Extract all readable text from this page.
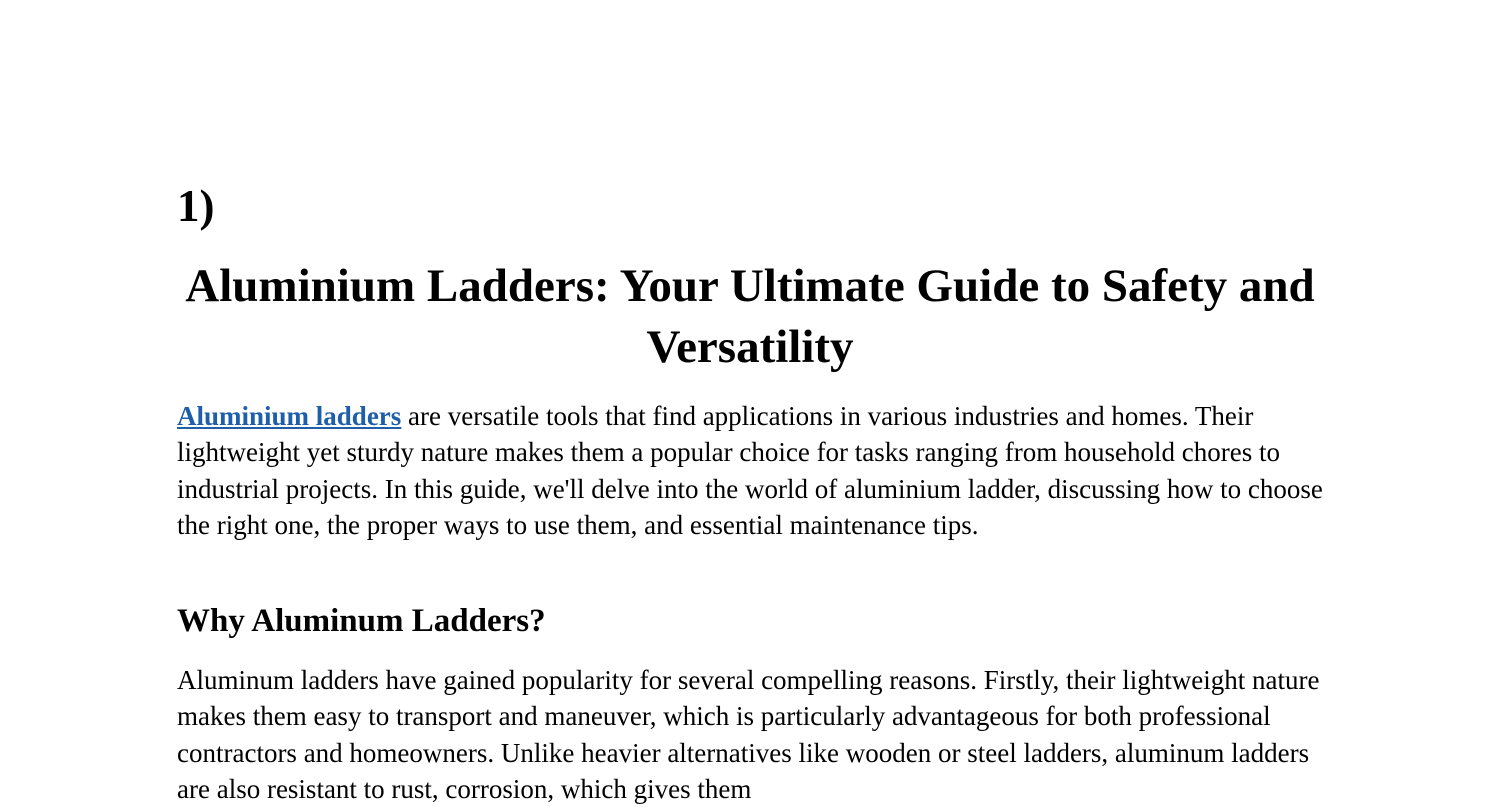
1)
Aluminium Ladders: Your Ultimate Guide to Safety and Versatility

Aluminium ladders are versatile tools that find applications in various industries and homes. Their lightweight yet sturdy nature makes them a popular choice for tasks ranging from household chores to industrial projects. In this guide, we'll delve into the world of aluminium ladder, discussing how to choose the right one, the proper ways to use them, and essential maintenance tips.

Why Aluminum Ladders?

Aluminum ladders have gained popularity for several compelling reasons. Firstly, their lightweight nature makes them easy to transport and maneuver, which is particularly advantageous for both professional contractors and homeowners. Unlike heavier alternatives like wooden or steel ladders, aluminum ladders are also resistant to rust, corrosion, which gives them
